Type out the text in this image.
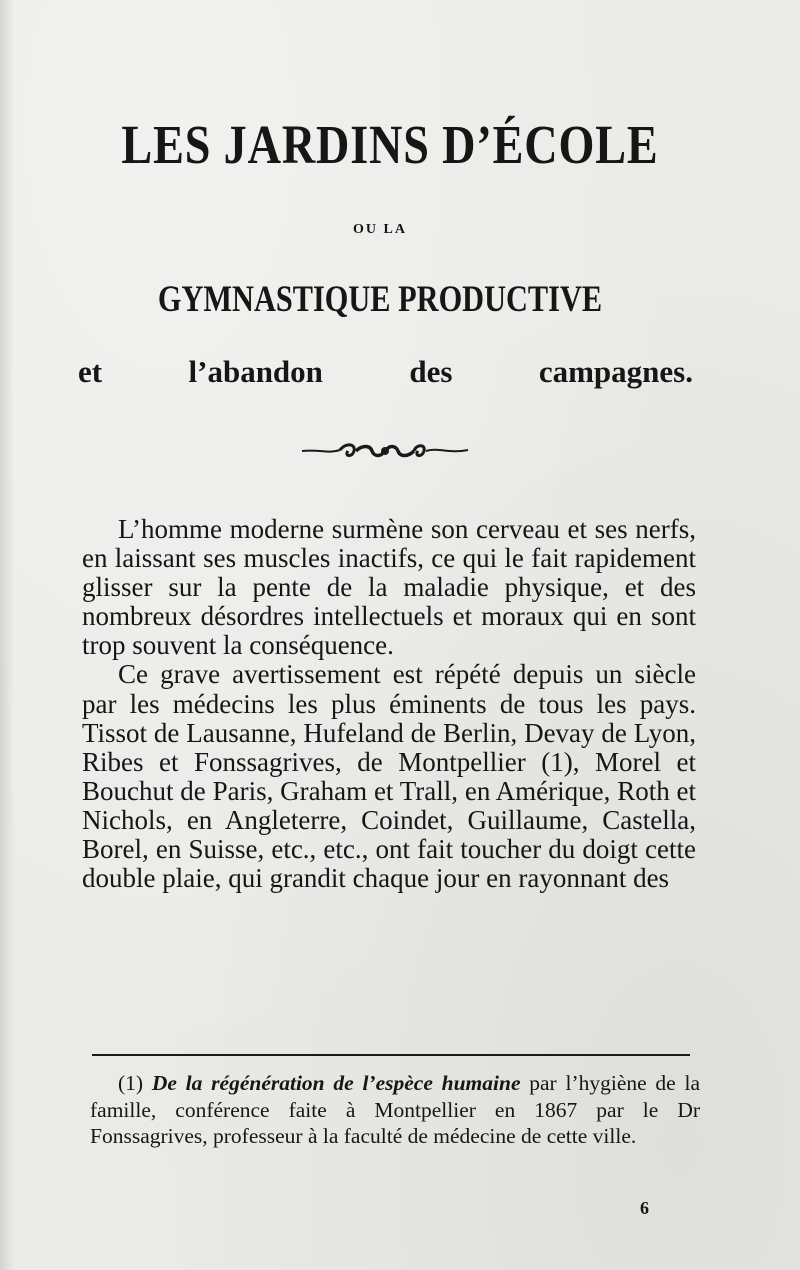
LES JARDINS D’ÉCOLE
OU LA
GYMNASTIQUE PRODUCTIVE
et	l’abandon	des	campagnes.

L’homme moderne surmène son cerveau et ses nerfs, en laissant ses muscles inactifs, ce qui le fait rapidement glisser sur la pente de la maladie physique, et des nombreux désordres intellectuels et moraux qui en sont trop souvent la conséquence.

Ce grave avertissement est répété depuis un siècle par les médecins les plus éminents de tous les pays. Tissot de Lausanne, Hufeland de Berlin, Devay de Lyon, Ribes et Fonssagrives, de Montpellier (1), Morel et Bouchut de Paris, Graham et Trall, en Amérique, Roth et Nichols, en Angleterre, Coindet, Guillaume, Castella, Borel, en Suisse, etc., etc., ont fait toucher du doigt cette double plaie, qui grandit chaque jour en rayonnant des

(1) De la régénération de l’espèce humaine par l’hygiène de la famille, conférence faite à Montpellier en 1867 par le Dr Fonssagrives, professeur à la faculté de médecine de cette ville.

6
